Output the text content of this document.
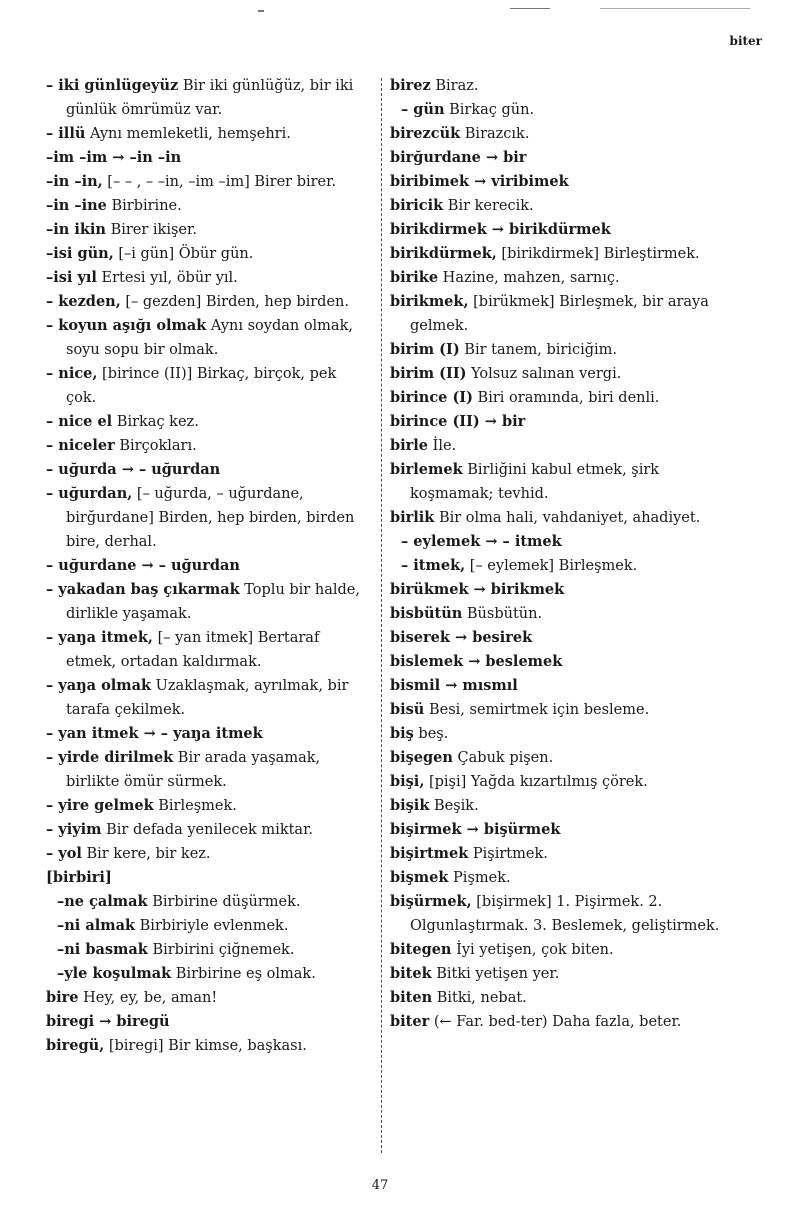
biter

– iki günlügeyüz Bir iki günlüğüz, bir iki günlük ömrümüz var.

– illü Aynı memleketli, hemşehri.

–im –im → –in –in

–in –in, [– – , – –in, –im –im] Birer birer.

–in –ine Birbirine.

–in ikin Birer ikişer.

–isi gün, [–i gün] Öbür gün.

–isi yıl Ertesi yıl, öbür yıl.

– kezden, [– gezden] Birden, hep birden.

– koyun aşığı olmak Aynı soydan olmak, soyu sopu bir olmak.

– nice, [birince (II)] Birkaç, birçok, pek çok.

– nice el Birkaç kez.

– niceler Birçokları.

– uğurda → – uğurdan

– uğurdan, [– uğurda, – uğurdane, birğurdane] Birden, hep birden, birden bire, derhal.

– uğurdane → – uğurdan

– yakadan baş çıkarmak Toplu bir halde, dirlikle yaşamak.

– yaŋa itmek, [– yan itmek] Bertaraf etmek, ortadan kaldırmak.

– yaŋa olmak Uzaklaşmak, ayrılmak, bir tarafa çekilmek.

– yan itmek → – yaŋa itmek

– yirde dirilmek Bir arada yaşamak, birlikte ömür sürmek.

– yire gelmek Birleşmek.

– yiyim Bir defada yenilecek miktar.

– yol Bir kere, bir kez.

[birbiri]

–ne çalmak Birbirine düşürmek.

–ni almak Birbiriyle evlenmek.

–ni basmak Birbirini çiğnemek.

–yle koşulmak Birbirine eş olmak.

bire Hey, ey, be, aman!

biregi → biregü

biregü, [biregi] Bir kimse, başkası.

birez Biraz.

– gün Birkaç gün.

birezcük Birazcık.

birğurdane → bir

biribimek → viribimek

biricik Bir kerecik.

birikdirmek → birikdürmek

birikdürmek, [birikdirmek] Birleştirmek.

birike Hazine, mahzen, sarnıç.

birikmek, [birükmek] Birleşmek, bir araya gelmek.

birim (I) Bir tanem, biriciğim.

birim (II) Yolsuz salınan vergi.

birince (I) Biri oramında, biri denli.

birince (II) → bir

birle İle.

birlemek Birliğini kabul etmek, şirk koşmamak; tevhid.

birlik Bir olma hali, vahdaniyet, ahadiyet.

– eylemek → – itmek

– itmek, [– eylemek] Birleşmek.

birükmek → birikmek

bisbütün Büsbütün.

biserek → besirek

bislemek → beslemek

bismil → mısmıl

bisü Besi, semirtmek için besleme.

biş beş.

bişegen Çabuk pişen.

bişi, [pişi] Yağda kızartılmış çörek.

bişik Beşik.

bişirmek → bişürmek

bişirtmek Pişirtmek.

bişmek Pişmek.

bişürmek, [bişirmek] 1. Pişirmek. 2. Olgunlaştırmak. 3. Beslemek, geliştirmek.

bitegen İyi yetişen, çok biten.

bitek Bitki yetişen yer.

biten Bitki, nebat.

biter (← Far. bed-ter) Daha fazla, beter.

47
